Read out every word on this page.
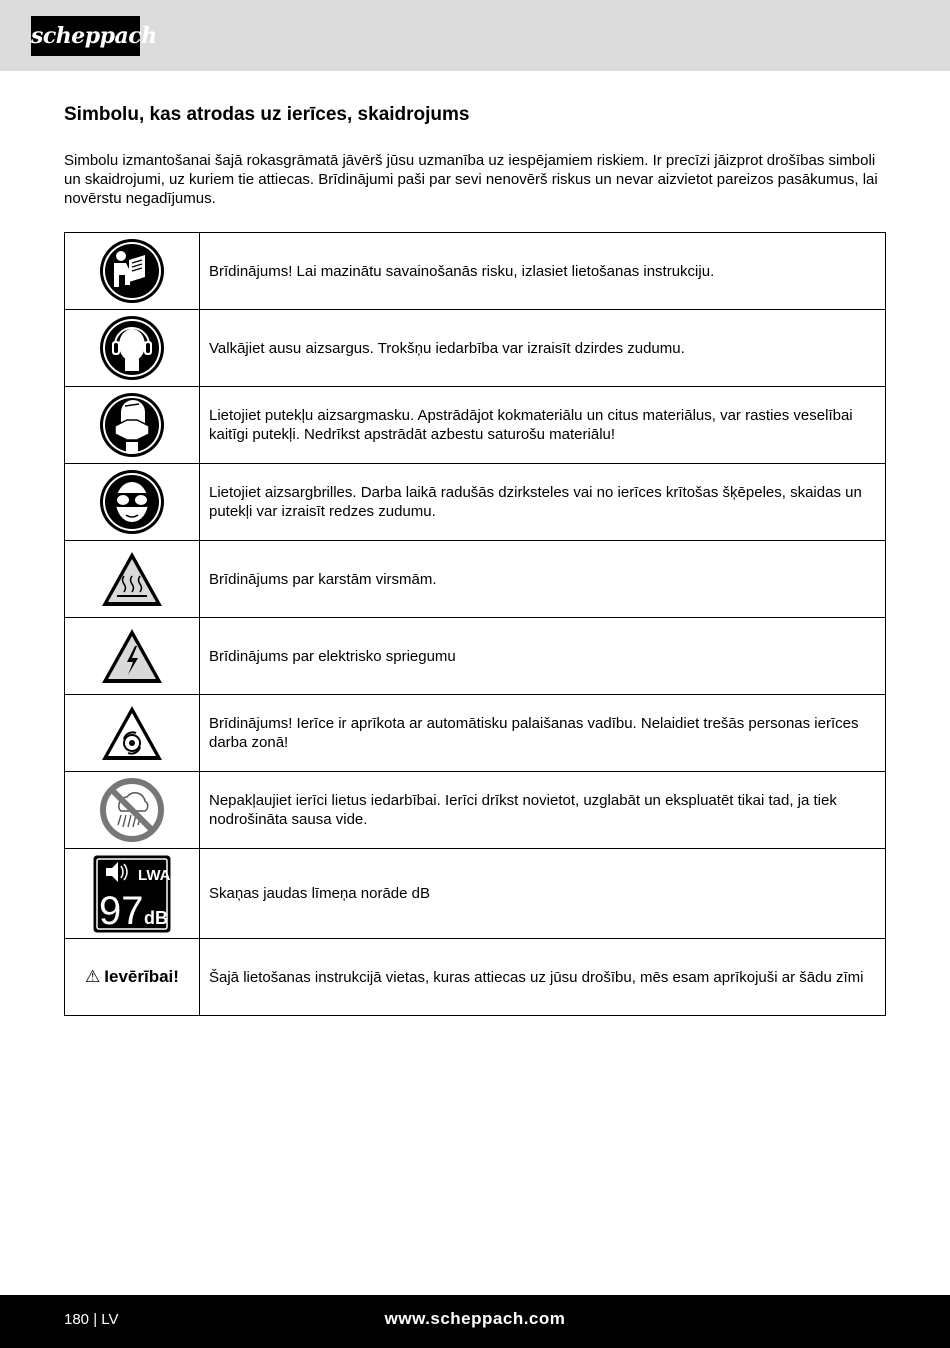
scheppach
Simbolu, kas atrodas uz ierīces, skaidrojums
Simbolu izmantošanai šajā rokasgrāmatā jāvērš jūsu uzmanība uz iespējamiem riskiem. Ir precīzi jāizprot drošības simboli un skaidrojumi, uz kuriem tie attiecas. Brīdinājumi paši par sevi nenovērš riskus un nevar aizvietot pareizos pasākumus, lai novērstu negadījumus.
	Brīdinājums! Lai mazinātu savainošanās risku, izlasiet lietošanas instrukciju.
	Valkājiet ausu aizsargus. Trokšņu iedarbība var izraisīt dzirdes zudumu.
	Lietojiet putekļu aizsargmasku. Apstrādājot kokmateriālu un citus materiālus, var rasties veselībai kaitīgi putekļi. Nedrīkst apstrādāt azbestu saturošu materiālu!
	Lietojiet aizsargbrilles. Darba laikā radušās dzirksteles vai no ierīces krītošas šķēpeles, skaidas un putekļi var izraisīt redzes zudumu.
	Brīdinājums par karstām virsmām.
	Brīdinājums par elektrisko spriegumu
	Brīdinājums! Ierīce ir aprīkota ar automātisku palaišanas vadību. Nelaidiet trešās personas ierīces darba zonā!
	Nepakļaujiet ierīci lietus iedarbībai. Ierīci drīkst novietot, uzglabāt un ekspluatēt tikai tad, ja tiek nodrošināta sausa vide.

LWA
97 dB	Skaņas jaudas līmeņa norāde dB
⚠ Ievērībai!	Šajā lietošanas instrukcijā vietas, kuras attiecas uz jūsu drošību, mēs esam aprīkojuši ar šādu zīmi
180 | LV	www.scheppach.com
